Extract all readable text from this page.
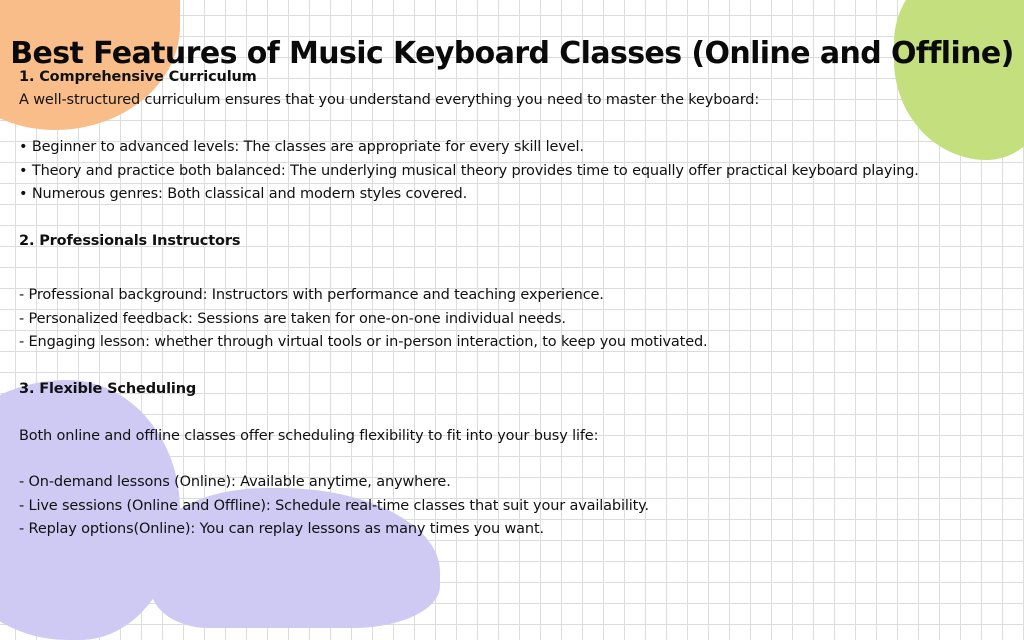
Best Features of Music Keyboard Classes (Online and Offline)

1. Comprehensive Curriculum

A well-structured curriculum ensures that you understand everything you need to master the keyboard:

• Beginner to advanced levels: The classes are appropriate for every skill level.

• Theory and practice both balanced: The underlying musical theory provides time to equally offer practical keyboard playing.

• Numerous genres: Both classical and modern styles covered.

2. Professionals Instructors

- Professional background: Instructors with performance and teaching experience.

- Personalized feedback: Sessions are taken for one-on-one individual needs.

- Engaging lesson: whether through virtual tools or in-person interaction, to keep you motivated.

3. Flexible Scheduling

Both online and offline classes offer scheduling flexibility to fit into your busy life:

- On-demand lessons (Online): Available anytime, anywhere.

- Live sessions (Online and Offline): Schedule real-time classes that suit your availability.

- Replay options(Online): You can replay lessons as many times you want.
